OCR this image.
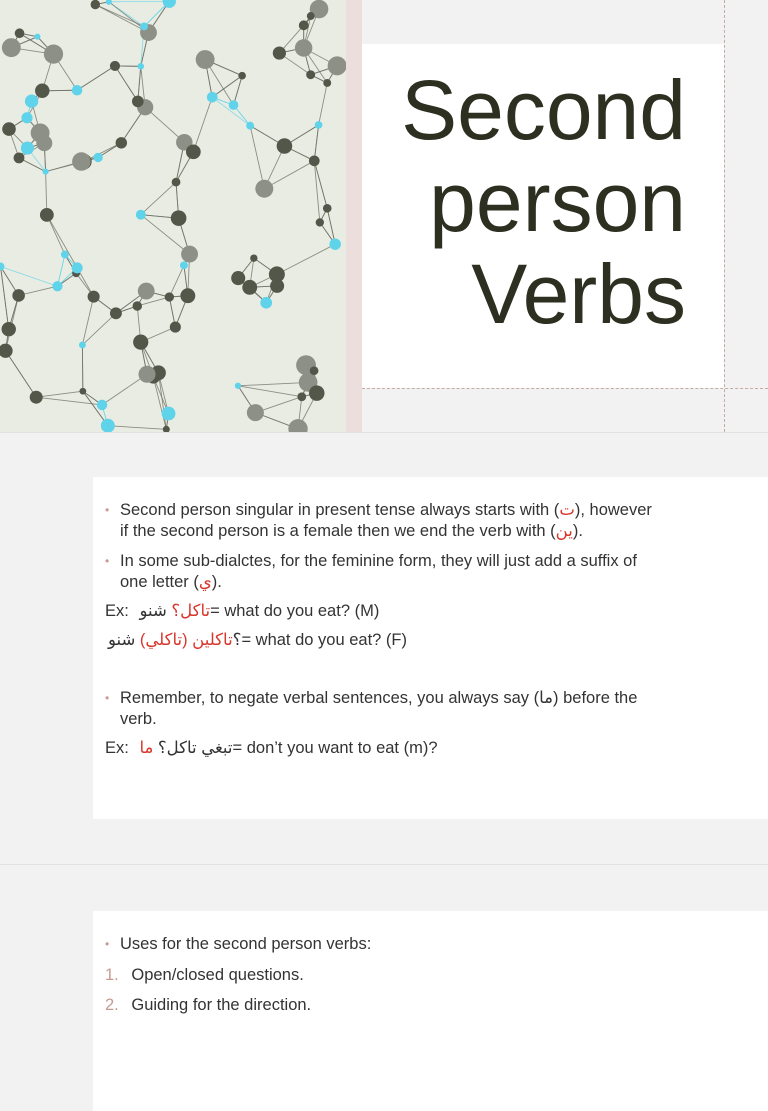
Second
person
Verbs
• Second person singular in present tense always starts with (ت), however
if the second person is a female then we end the verb with (ين).
• In some sub-dialctes, for the feminine form, they will just add a suffix of
one letter (ي).
Ex:	تاكل؟ شنو	= what do you eat? (M)
؟تاكلين (تاكلي) شنو	= what do you eat? (F)
• Remember, to negate verbal sentences, you always say (ما) before the
verb.
Ex: تبغي تاكل؟ ما	= don’t you want to eat (m)?
• Uses for the second person verbs:
1. Open/closed questions.
2. Guiding for the direction.
